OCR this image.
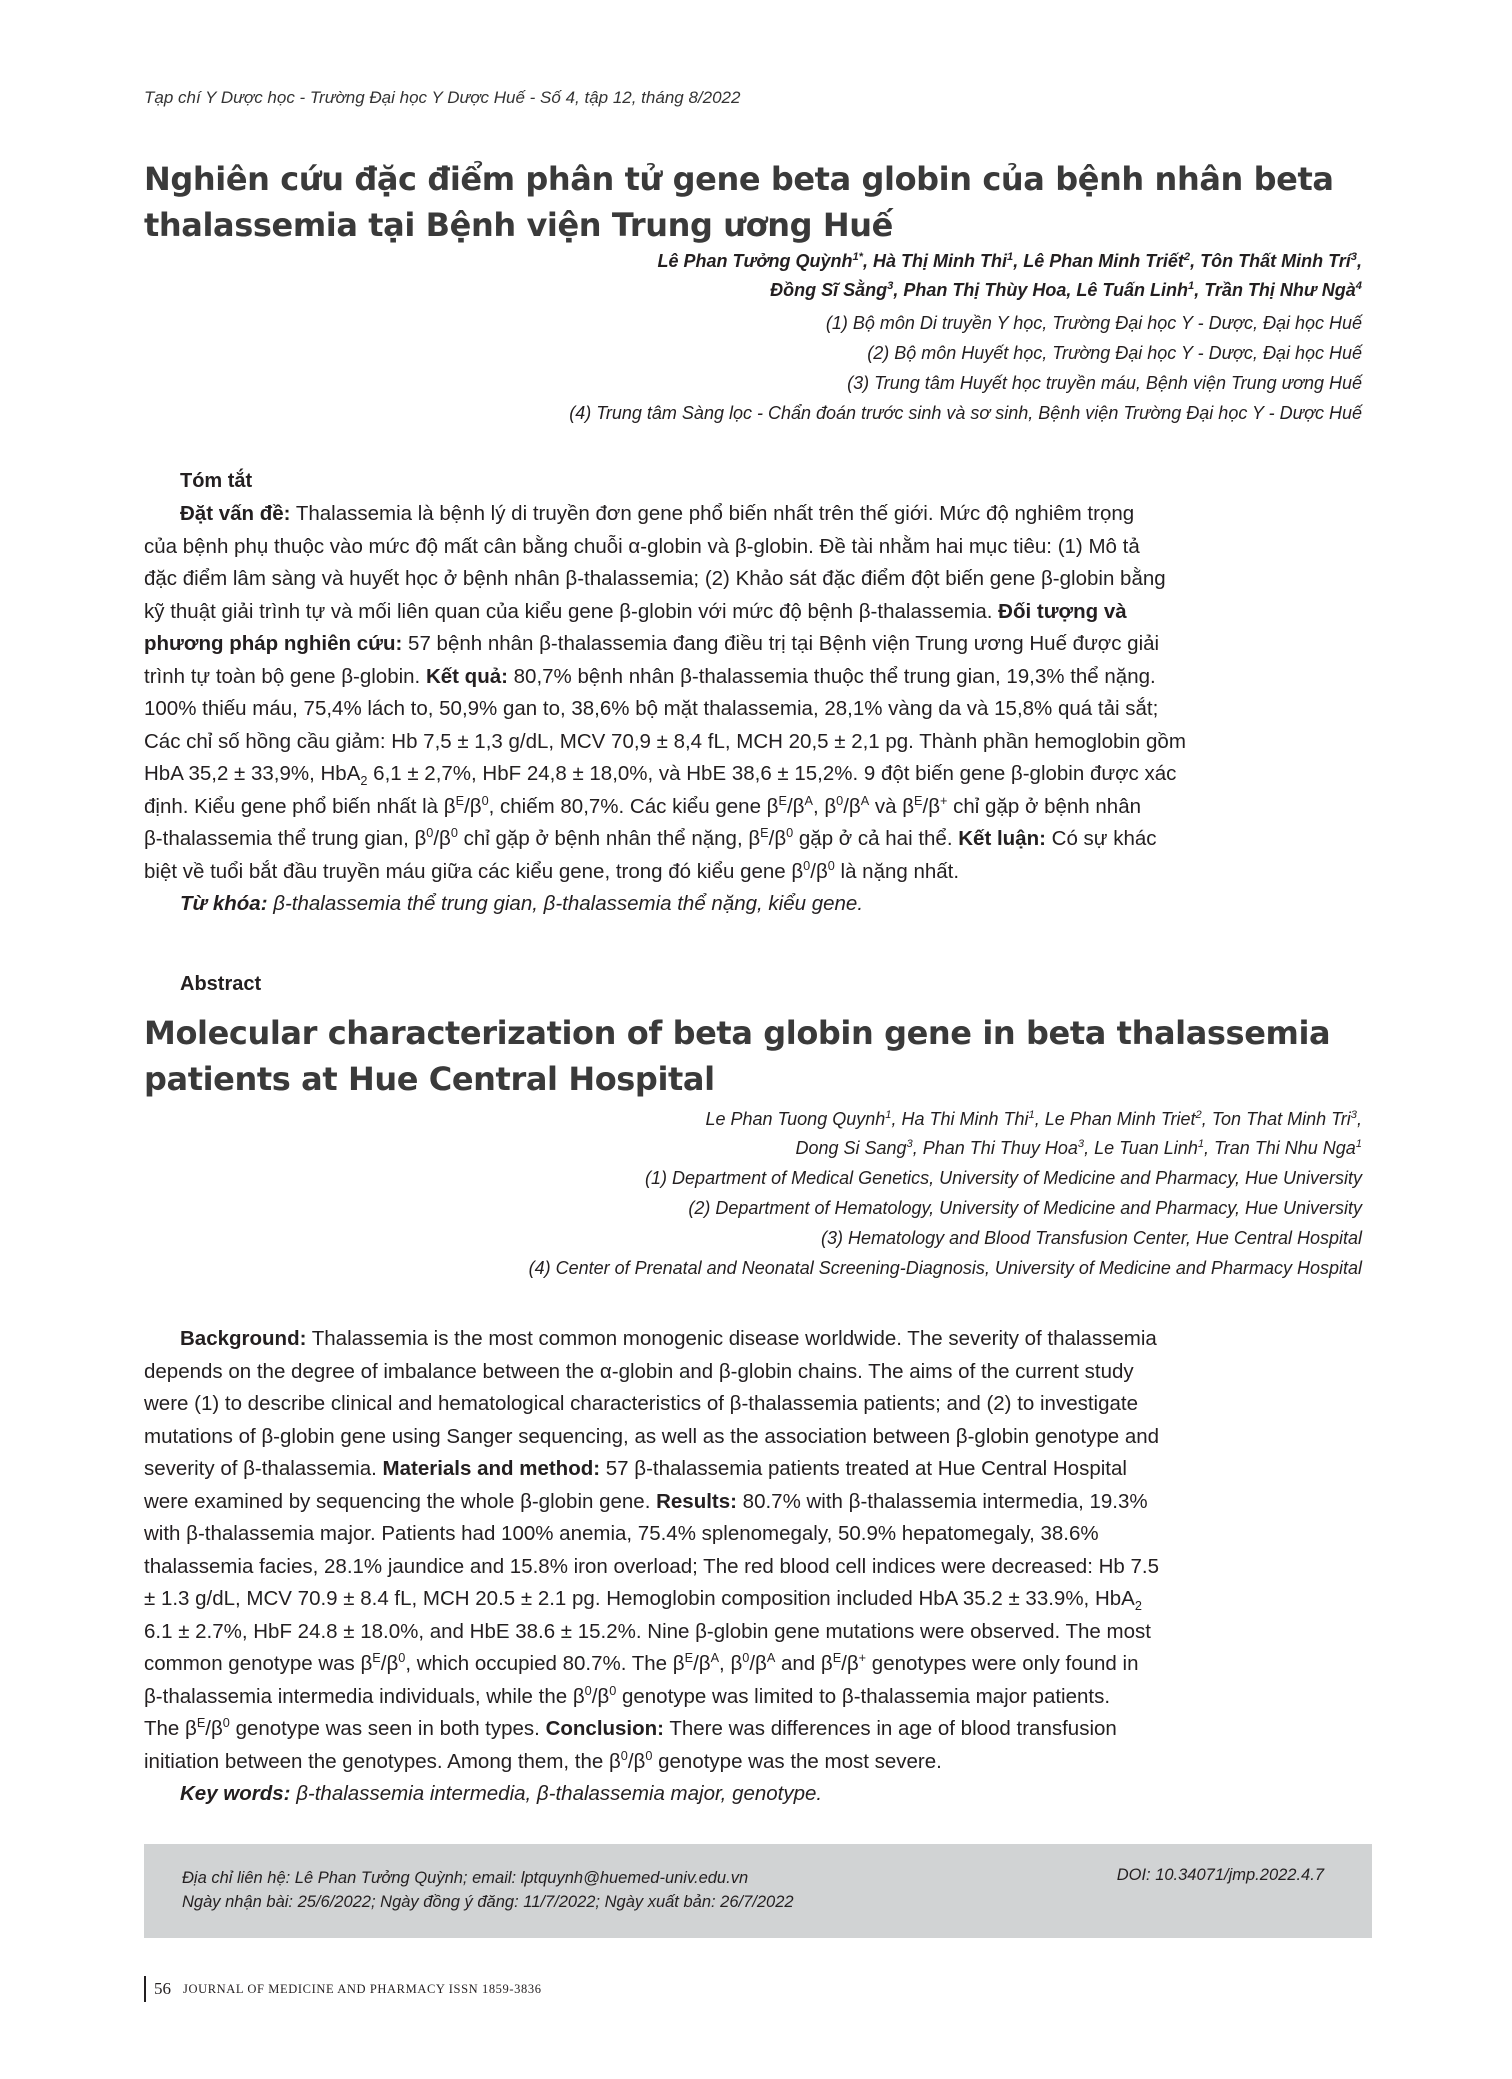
Tạp chí Y Dược học - Trường Đại học Y Dược Huế - Số 4, tập 12, tháng 8/2022
Nghiên cứu đặc điểm phân tử gene beta globin của bệnh nhân beta
thalassemia tại Bệnh viện Trung ương Huế
Lê Phan Tưởng Quỳnh$^{1*}$, Hà Thị Minh Thi$^1$, Lê Phan Minh Triết$^2$, Tôn Thất Minh Trí$^3$,
Đồng Sĩ Sằng$^3$, Phan Thị Thùy Hoa, Lê Tuấn Linh$^1$, Trần Thị Như Ngà$^4$
(1) Bộ môn Di truyền Y học, Trường Đại học Y - Dược, Đại học Huế
(2) Bộ môn Huyết học, Trường Đại học Y - Dược, Đại học Huế
(3) Trung tâm Huyết học truyền máu, Bệnh viện Trung ương Huế
(4) Trung tâm Sàng lọc - Chẩn đoán trước sinh và sơ sinh, Bệnh viện Trường Đại học Y - Dược Huế
Tóm tắt
Đặt vấn đề: Thalassemia là bệnh lý di truyền đơn gene phổ biến nhất trên thế giới. Mức độ nghiêm trọng
của bệnh phụ thuộc vào mức độ mất cân bằng chuỗi α-globin và β-globin. Đề tài nhằm hai mục tiêu: (1) Mô tả
đặc điểm lâm sàng và huyết học ở bệnh nhân β-thalassemia; (2) Khảo sát đặc điểm đột biến gene β-globin bằng
kỹ thuật giải trình tự và mối liên quan của kiểu gene β-globin với mức độ bệnh β-thalassemia. Đối tượng và
phương pháp nghiên cứu: 57 bệnh nhân β-thalassemia đang điều trị tại Bệnh viện Trung ương Huế được giải
trình tự toàn bộ gene β-globin. Kết quả: 80,7% bệnh nhân β-thalassemia thuộc thể trung gian, 19,3% thể nặng.
100% thiếu máu, 75,4% lách to, 50,9% gan to, 38,6% bộ mặt thalassemia, 28,1% vàng da và 15,8% quá tải sắt;
Các chỉ số hồng cầu giảm: Hb 7,5 ± 1,3 g/dL, MCV 70,9 ± 8,4 fL, MCH 20,5 ± 2,1 pg. Thành phần hemoglobin gồm
HbA 35,2 ± 33,9%, HbA$_2$ 6,1 ± 2,7%, HbF 24,8 ± 18,0%, và HbE 38,6 ± 15,2%. 9 đột biến gene β-globin được xác
định. Kiểu gene phổ biến nhất là $\beta^E/\beta^0$, chiếm 80,7%. Các kiểu gene $\beta^E/\beta^A$, $\beta^0/\beta^A$ và $\beta^E/\beta^+$ chỉ gặp ở bệnh nhân
β-thalassemia thể trung gian, $\beta^0/\beta^0$ chỉ gặp ở bệnh nhân thể nặng, $\beta^E/\beta^0$ gặp ở cả hai thể. Kết luận: Có sự khác
biệt về tuổi bắt đầu truyền máu giữa các kiểu gene, trong đó kiểu gene $\beta^0/\beta^0$ là nặng nhất.
Từ khóa: β-thalassemia thể trung gian, β-thalassemia thể nặng, kiểu gene.
Abstract
Molecular characterization of beta globin gene in beta thalassemia
patients at Hue Central Hospital
Le Phan Tuong Quynh$^1$, Ha Thi Minh Thi$^1$, Le Phan Minh Triet$^2$, Ton That Minh Tri$^3$,
Dong Si Sang$^3$, Phan Thi Thuy Hoa$^3$, Le Tuan Linh$^1$, Tran Thi Nhu Nga$^1$
(1) Department of Medical Genetics, University of Medicine and Pharmacy, Hue University
(2) Department of Hematology, University of Medicine and Pharmacy, Hue University
(3) Hematology and Blood Transfusion Center, Hue Central Hospital
(4) Center of Prenatal and Neonatal Screening-Diagnosis, University of Medicine and Pharmacy Hospital
Background: Thalassemia is the most common monogenic disease worldwide. The severity of thalassemia
depends on the degree of imbalance between the α-globin and β-globin chains. The aims of the current study
were (1) to describe clinical and hematological characteristics of β-thalassemia patients; and (2) to investigate
mutations of β-globin gene using Sanger sequencing, as well as the association between β-globin genotype and
severity of β-thalassemia. Materials and method: 57 β-thalassemia patients treated at Hue Central Hospital
were examined by sequencing the whole β-globin gene. Results: 80.7% with β-thalassemia intermedia, 19.3%
with β-thalassemia major. Patients had 100% anemia, 75.4% splenomegaly, 50.9% hepatomegaly, 38.6%
thalassemia facies, 28.1% jaundice and 15.8% iron overload; The red blood cell indices were decreased: Hb 7.5
± 1.3 g/dL, MCV 70.9 ± 8.4 fL, MCH 20.5 ± 2.1 pg. Hemoglobin composition included HbA 35.2 ± 33.9%, HbA$_2$
6.1 ± 2.7%, HbF 24.8 ± 18.0%, and HbE 38.6 ± 15.2%. Nine β-globin gene mutations were observed. The most
common genotype was $\beta^E/\beta^0$, which occupied 80.7%. The $\beta^E/\beta^A$, $\beta^0/\beta^A$ and $\beta^E/\beta^+$ genotypes were only found in
β-thalassemia intermedia individuals, while the $\beta^0/\beta^0$ genotype was limited to β-thalassemia major patients.
The $\beta^E/\beta^0$ genotype was seen in both types. Conclusion: There was differences in age of blood transfusion
initiation between the genotypes. Among them, the $\beta^0/\beta^0$ genotype was the most severe.
Key words: β-thalassemia intermedia, β-thalassemia major, genotype.
Địa chỉ liên hệ: Lê Phan Tưởng Quỳnh; email: lptquynh@huemed-univ.edu.vn
Ngày nhận bài: 25/6/2022; Ngày đồng ý đăng: 11/7/2022; Ngày xuất bản: 26/7/2022
DOI: 10.34071/jmp.2022.4.7
56 JOURNAL OF MEDICINE AND PHARMACY ISSN 1859-3836
